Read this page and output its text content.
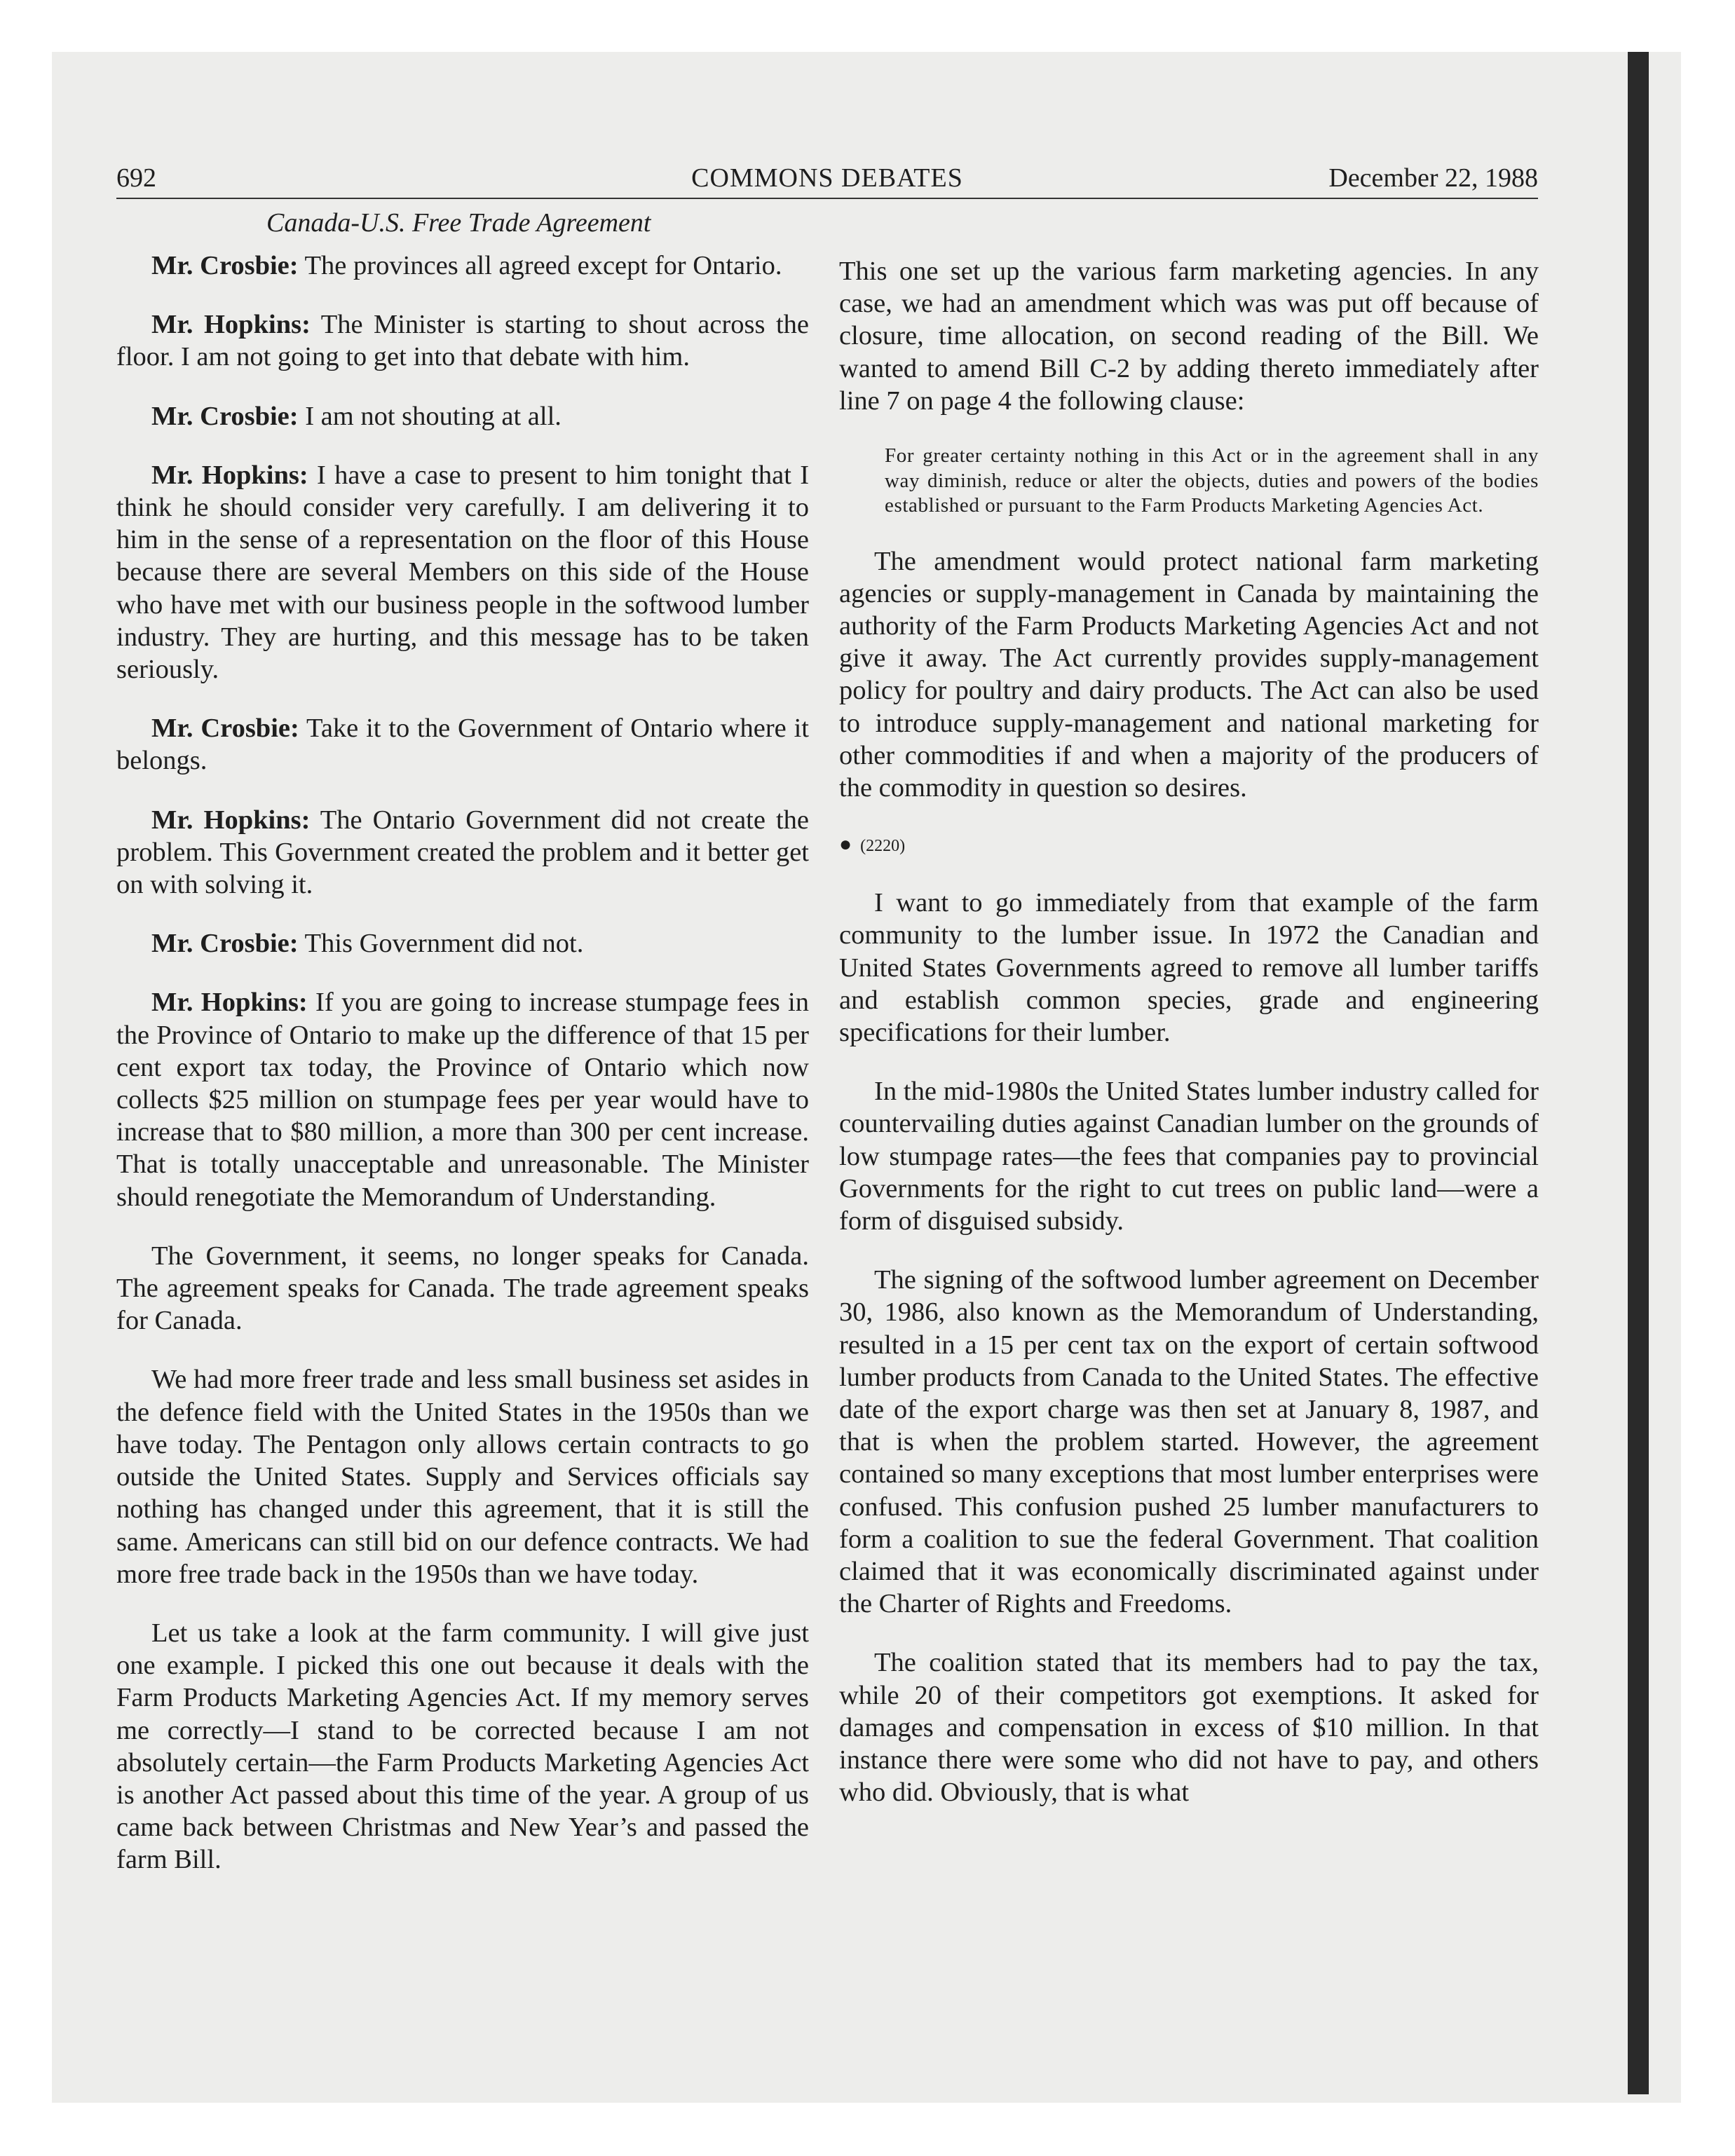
692	COMMONS DEBATES	December 22, 1988
Canada-U.S. Free Trade Agreement

Mr. Crosbie: The provinces all agreed except for Ontario.

Mr. Hopkins: The Minister is starting to shout across the floor. I am not going to get into that debate with him.

Mr. Crosbie: I am not shouting at all.

Mr. Hopkins: I have a case to present to him tonight that I think he should consider very carefully. I am delivering it to him in the sense of a representation on the floor of this House because there are several Members on this side of the House who have met with our business people in the softwood lumber industry. They are hurting, and this message has to be taken seriously.

Mr. Crosbie: Take it to the Government of Ontario where it belongs.

Mr. Hopkins: The Ontario Government did not create the problem. This Government created the problem and it better get on with solving it.

Mr. Crosbie: This Government did not.

Mr. Hopkins: If you are going to increase stumpage fees in the Province of Ontario to make up the difference of that 15 per cent export tax today, the Province of Ontario which now collects $25 million on stumpage fees per year would have to increase that to $80 million, a more than 300 per cent increase. That is totally unacceptable and unreasonable. The Minister should renegotiate the Memorandum of Understanding.

The Government, it seems, no longer speaks for Canada. The agreement speaks for Canada. The trade agreement speaks for Canada.

We had more freer trade and less small business set asides in the defence field with the United States in the 1950s than we have today. The Pentagon only allows certain contracts to go outside the United States. Supply and Services officials say nothing has changed under this agreement, that it is still the same. Americans can still bid on our defence contracts. We had more free trade back in the 1950s than we have today.

Let us take a look at the farm community. I will give just one example. I picked this one out because it deals with the Farm Products Marketing Agencies Act. If my memory serves me correctly—I stand to be corrected because I am not absolutely certain—the Farm Products Marketing Agencies Act is another Act passed about this time of the year. A group of us came back between Christmas and New Year’s and passed the farm Bill.

This one set up the various farm marketing agencies. In any case, we had an amendment which was was put off because of closure, time allocation, on second reading of the Bill. We wanted to amend Bill C-2 by adding thereto immediately after line 7 on page 4 the following clause:

For greater certainty nothing in this Act or in the agreement shall in any way diminish, reduce or alter the objects, duties and powers of the bodies established or pursuant to the Farm Products Marketing Agencies Act.

The amendment would protect national farm marketing agencies or supply-management in Canada by maintaining the authority of the Farm Products Marketing Agencies Act and not give it away. The Act currently provides supply-management policy for poultry and dairy products. The Act can also be used to introduce supply-management and national marketing for other commodities if and when a majority of the producers of the commodity in question so desires.

● (2220)

I want to go immediately from that example of the farm community to the lumber issue. In 1972 the Canadian and United States Governments agreed to remove all lumber tariffs and establish common species, grade and engineering specifications for their lumber.

In the mid-1980s the United States lumber industry called for countervailing duties against Canadian lumber on the grounds of low stumpage rates—the fees that companies pay to provincial Governments for the right to cut trees on public land—were a form of disguised subsidy.

The signing of the softwood lumber agreement on December 30, 1986, also known as the Memorandum of Understanding, resulted in a 15 per cent tax on the export of certain softwood lumber products from Canada to the United States. The effective date of the export charge was then set at January 8, 1987, and that is when the problem started. However, the agreement contained so many exceptions that most lumber enterprises were confused. This confusion pushed 25 lumber manufacturers to form a coalition to sue the federal Government. That coalition claimed that it was economically discriminated against under the Charter of Rights and Freedoms.

The coalition stated that its members had to pay the tax, while 20 of their competitors got exemptions. It asked for damages and compensation in excess of $10 million. In that instance there were some who did not have to pay, and others who did. Obviously, that is what
